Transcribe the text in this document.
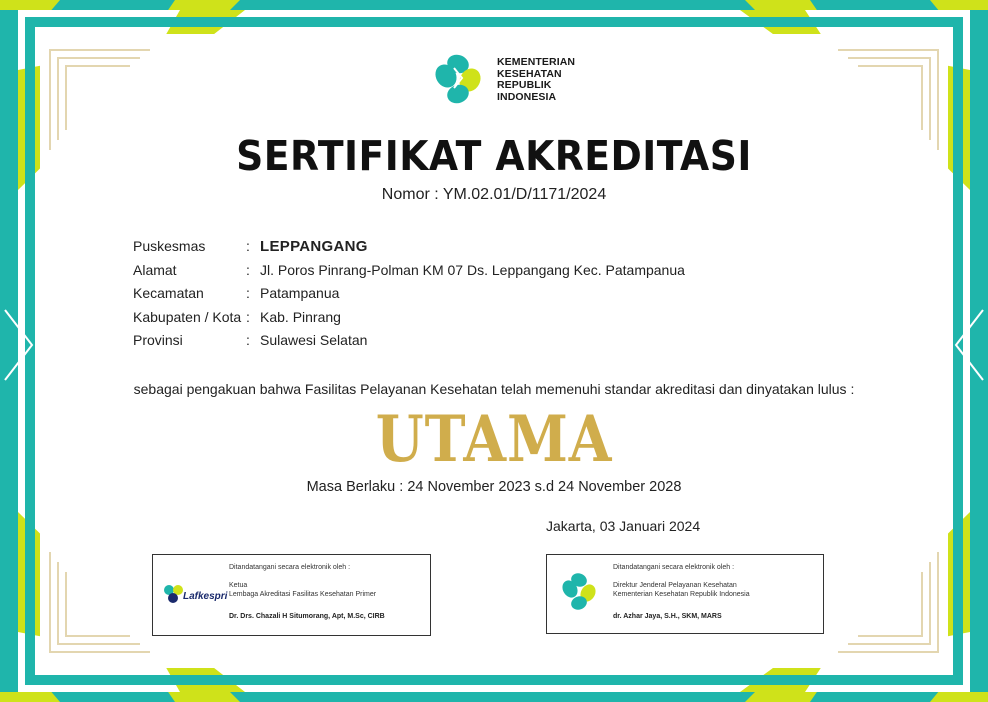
KEMENTERIAN
KESEHATAN
REPUBLIK
INDONESIA
SERTIFIKAT AKREDITASI
Nomor : YM.02.01/D/1171/2024
Puskesmas	: LEPPANGANG
Alamat	: Jl. Poros Pinrang-Polman KM 07 Ds. Leppangang Kec. Patampanua
Kecamatan	: Patampanua
Kabupaten / Kota : Kab. Pinrang
Provinsi	: Sulawesi Selatan
sebagai pengakuan bahwa Fasilitas Pelayanan Kesehatan telah memenuhi standar akreditasi dan dinyatakan lulus :
UTAMA
Masa Berlaku : 24 November 2023 s.d 24 November 2028
Jakarta, 03 Januari 2024
Ditandatangani secara elektronik oleh :
Lafkespri
Ketua
Lembaga Akreditasi Fasilitas Kesehatan Primer
Dr. Drs. Chazali H Situmorang, Apt, M.Sc, CIRB
Ditandatangani secara elektronik oleh :
Direktur Jenderal Pelayanan Kesehatan
Kementerian Kesehatan Republik Indonesia
dr. Azhar Jaya, S.H., SKM, MARS
